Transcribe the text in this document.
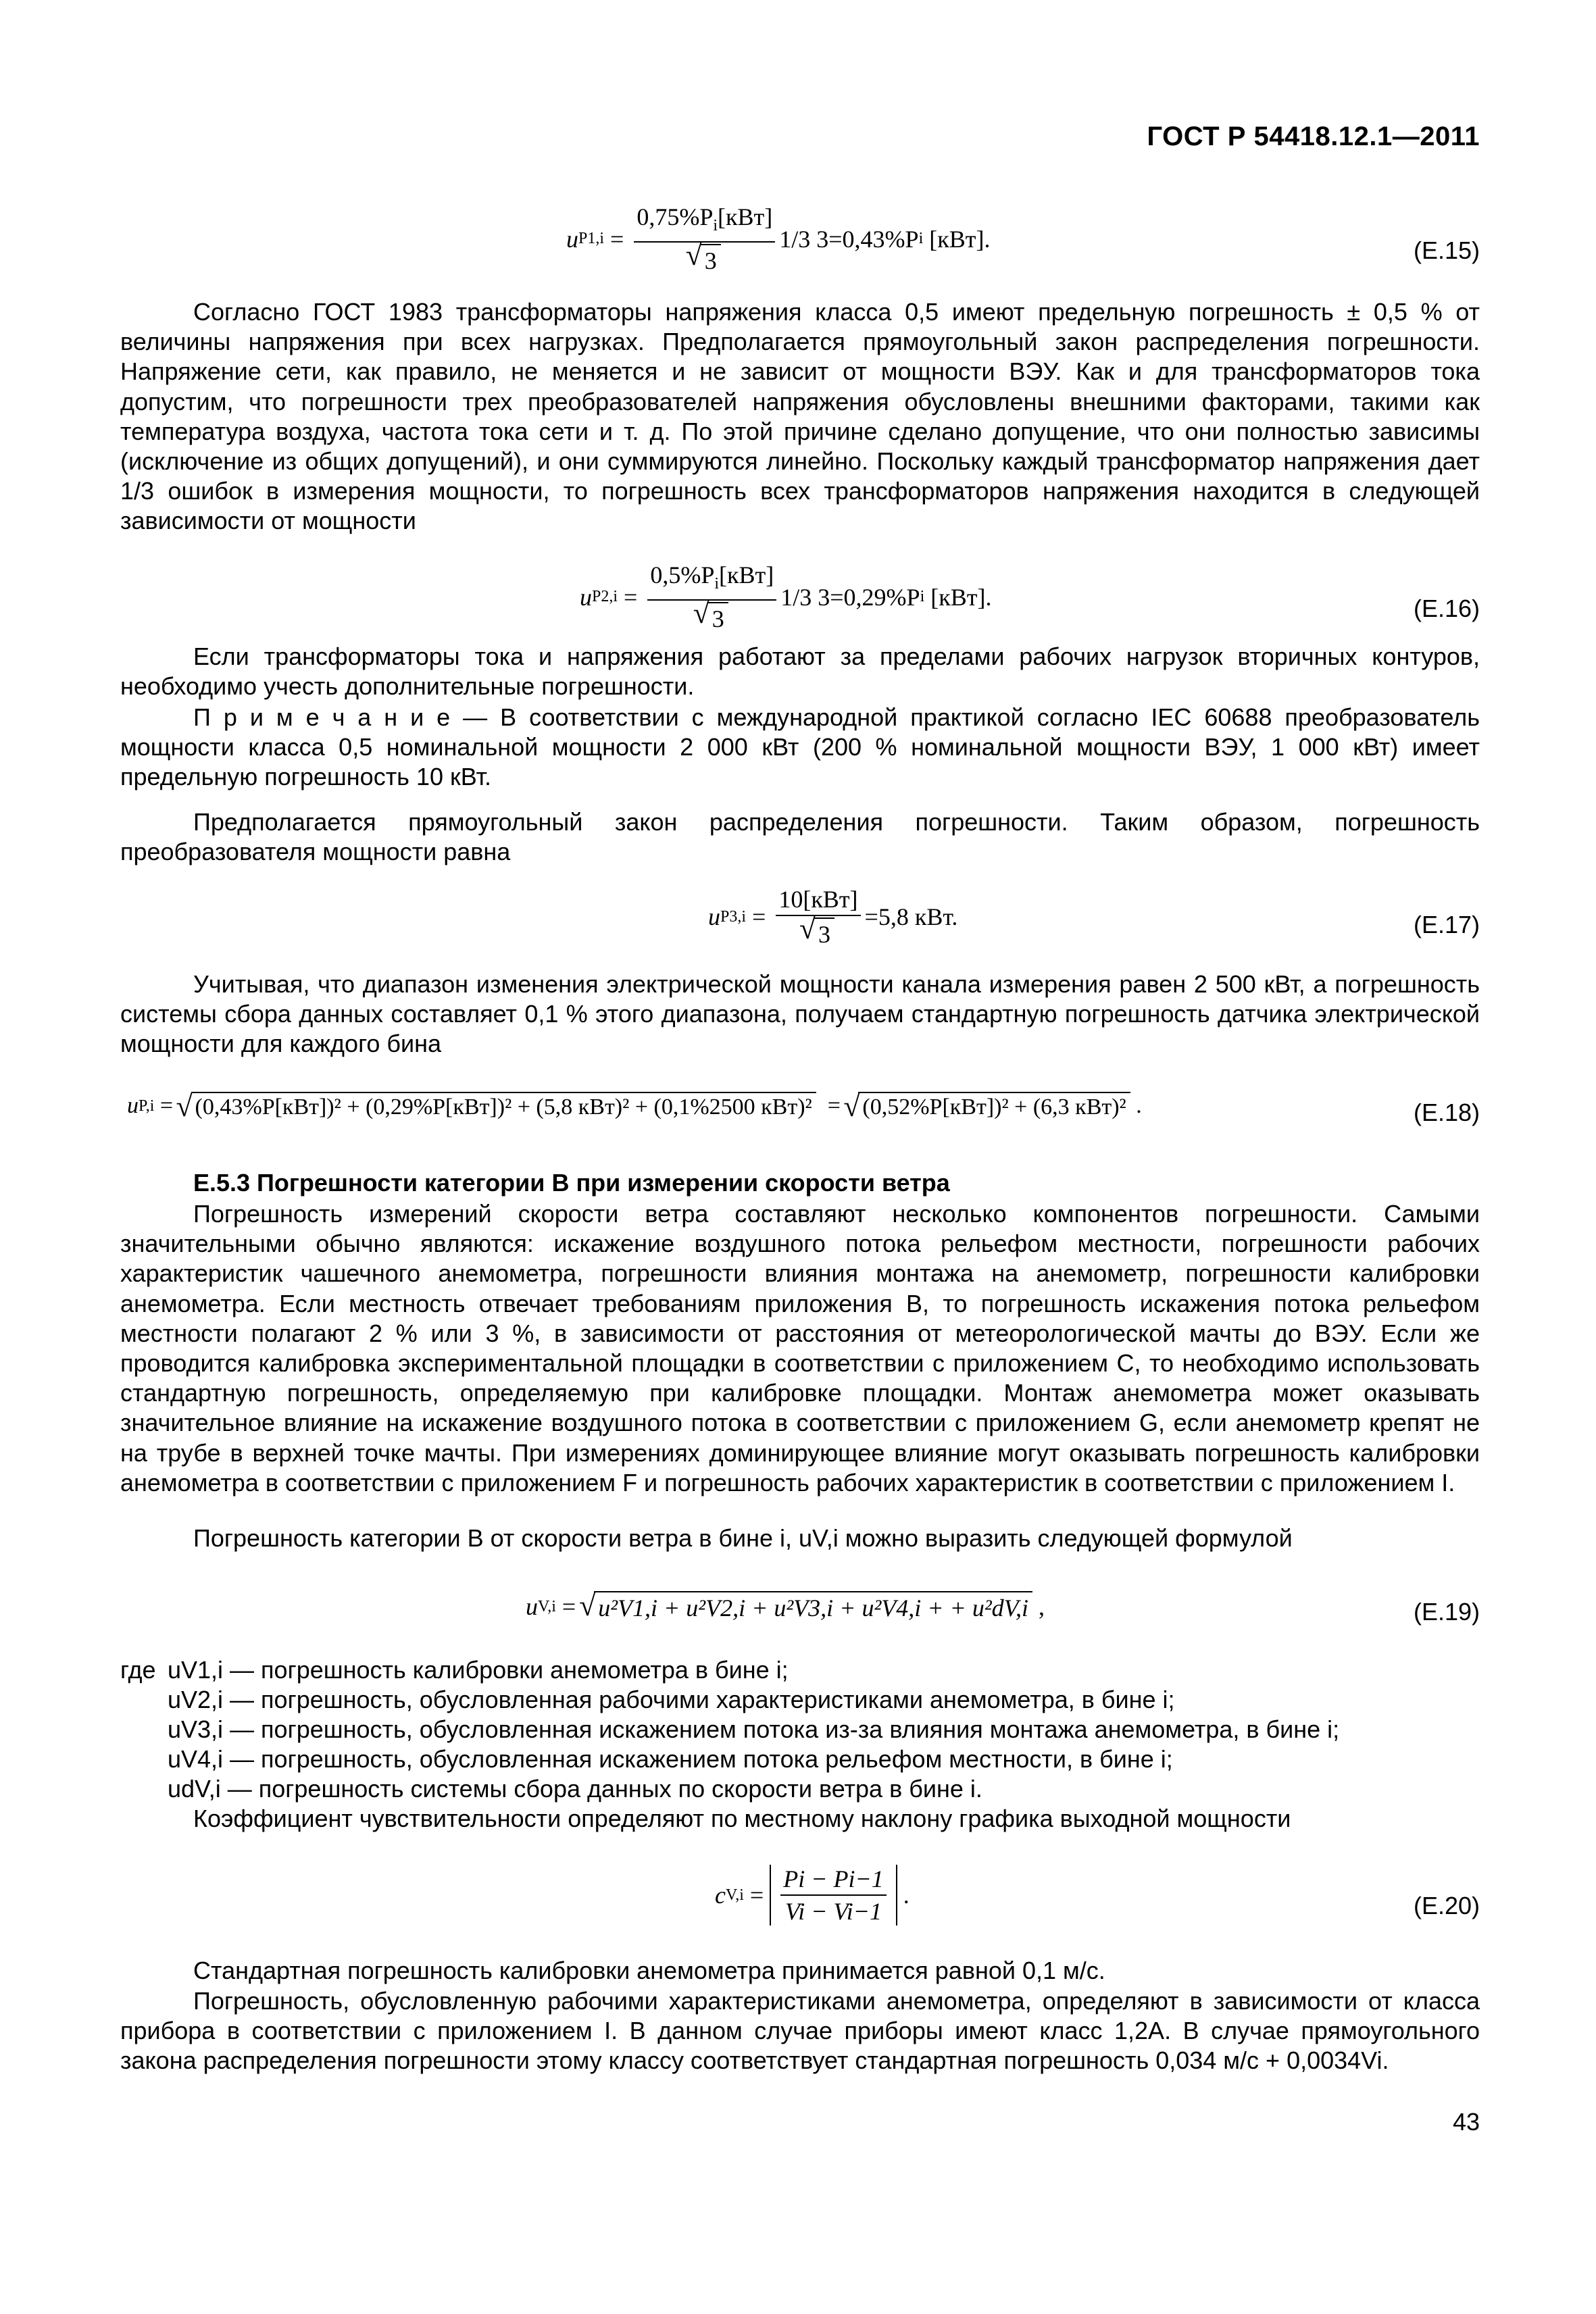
ГОСТ Р 54418.12.1—2011
u $P1,i = 0,75\%P_i[кВт]$
√ 3 1/3 3=0,43%P i
[кВт].	(E.15)

Согласно ГОСТ 1983 трансформаторы напряжения класса 0,5 имеют предельную погрешность ± 0,5 % от величины напряжения при всех нагрузках. Предполагается прямоугольный закон распределения погрешности. Напряжение сети, как правило, не меняется и не зависит от мощности ВЭУ. Как и для трансформаторов тока допустим, что погрешности трех преобразователей напряжения обусловлены внешними факторами, такими как температура воздуха, частота тока сети и т. д. По этой причине сделано допущение, что они полностью зависимы (исключение из общих допущений), и они суммируются линейно. Поскольку каждый трансформатор напряжения дает 1/3 ошибок в измерения мощности, то погрешность всех трансформаторов напряжения находится в следующей зависимости от мощности

u $P2,i = 0,5\%P_i[кВт]$
√ 3 1/3 3=0,29%P i
[кВт].	(E.16)

Если трансформаторы тока и напряжения работают за пределами рабочих нагрузок вторичных контуров, необходимо учесть дополнительные погрешности.

П р и м е ч а н и е — В соответствии с международной практикой согласно IEC 60688 преобразователь мощности класса 0,5 номинальной мощности 2 000 кВт (200 % номинальной мощности ВЭУ, 1 000 кВт) имеет предельную погрешность 10 кВт.

Предполагается прямоугольный закон распределения погрешности. Таким образом, погрешность преобразователя мощности равна

u P3,i = 10[кВт]
√ 3 =5,8 кВт.	(E.17)

Учитывая, что диапазон изменения электрической мощности канала измерения равен 2 500 кВт, а погрешность системы сбора данных составляет 0,1 % этого диапазона, получаем стандартную погрешность датчика электрической мощности для каждого бина

u P,i = √ (0,43%P[кВт])² + (0,29%P[кВт])² + (5,8 кВт)² + (0,1%2500 кВт)² = √ (0,52%P[кВт])² + (6,3 кВт)² .	(E.18)
Е.5.3 Погрешности категории В при измерении скорости ветра

Погрешность измерений скорости ветра составляют несколько компонентов погрешности. Самыми значительными обычно являются: искажение воздушного потока рельефом местности, погрешности рабочих характеристик чашечного анемометра, погрешности влияния монтажа на анемометр, погрешности калибровки анемометра. Если местность отвечает требованиям приложения В, то погрешность искажения потока рельефом местности полагают 2 % или 3 %, в зависимости от расстояния от метеорологической мачты до ВЭУ. Если же проводится калибровка экспериментальной площадки в соответствии с приложением С, то необходимо использовать стандартную погрешность, определяемую при калибровке площадки. Монтаж анемометра может оказывать значительное влияние на искажение воздушного потока в соответствии с приложением G, если анемометр крепят не на трубе в верхней точке мачты. При измерениях доминирующее влияние могут оказывать погрешность калибровки анемометра в соответствии с приложением F и погрешность рабочих характеристик в соответствии с приложением I.

Погрешность категории В от скорости ветра в бине i, uV,i можно выразить следующей формулой

u V,i = √ u²V1,i + u²V2,i + u²V3,i + u²V4,i + + u²dV,i ,	(E.19)
где uV1,i — погрешность калибровки анемометра в бине i;
uV2,i — погрешность, обусловленная рабочими характеристиками анемометра, в бине i;
uV3,i — погрешность, обусловленная искажением потока из-за влияния монтажа анемометра, в бине i;
uV4,i — погрешность, обусловленная искажением потока рельефом местности, в бине i;
udV,i — погрешность системы сбора данных по скорости ветра в бине i.

Коэффициент чувствительности определяют по местному наклону графика выходной мощности

c $V,i = \frac{Pi - Pi-1}{Vi - Vi-1}$ .	(E.20)

Стандартная погрешность калибровки анемометра принимается равной 0,1 м/с.

Погрешность, обусловленную рабочими характеристиками анемометра, определяют в зависимости от класса прибора в соответствии с приложением I. В данном случае приборы имеют класс 1,2А. В случае прямоугольного закона распределения погрешности этому классу соответствует стандартная погрешность 0,034 м/с + 0,0034Vi.

43
